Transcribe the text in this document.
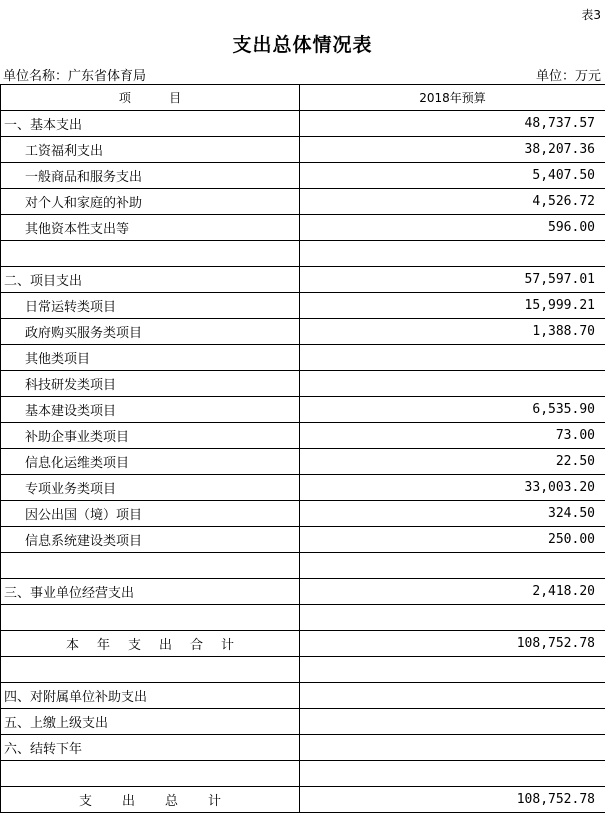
表3
支出总体情况表
单位名称：广东省体育局	单位：万元
项          目	2018年预算
一、基本支出	48,737.57
工资福利支出	38,207.36
一般商品和服务支出	5,407.50
对个人和家庭的补助	4,526.72
其他资本性支出等	596.00

二、项目支出	57,597.01
日常运转类项目	15,999.21
政府购买服务类项目	1,388.70
其他类项目	
科技研发类项目	
基本建设类项目	6,535.90
补助企事业类项目	73.00
信息化运维类项目	22.50
专项业务类项目	33,003.20
因公出国（境）项目	324.50
信息系统建设类项目	250.00

三、事业单位经营支出	2,418.20

本年支出合计	108,752.78

四、对附属单位补助支出	
五、上缴上级支出	
六、结转下年	

支出总计	108,752.78
